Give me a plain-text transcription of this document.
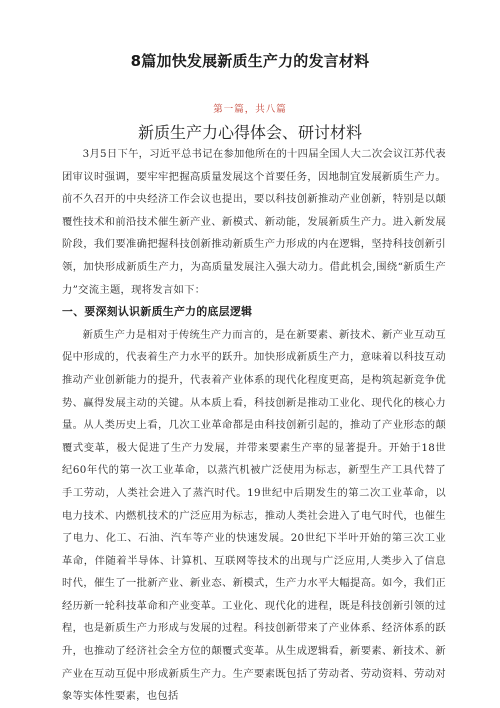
8篇加快发展新质生产力的发言材料
第一篇，共八篇
新质生产力心得体会、研讨材料

3月5日下午，习近平总书记在参加他所在的十四届全国人大二次会议江苏代表团审议时强调，要牢牢把握高质量发展这个首要任务，因地制宜发展新质生产力。前不久召开的中央经济工作会议也提出，要以科技创新推动产业创新，特别是以颠覆性技术和前沿技术催生新产业、新模式、新动能，发展新质生产力。进入新发展阶段，我们要准确把握科技创新推动新质生产力形成的内在逻辑，坚持科技创新引领，加快形成新质生产力，为高质量发展注入强大动力。借此机会,围绕“新质生产力”交流主题，现将发言如下：

一、要深刻认识新质生产力的底层逻辑

新质生产力是相对于传统生产力而言的，是在新要素、新技术、新产业互动互促中形成的，代表着生产力水平的跃升。加快形成新质生产力，意味着以科技互动推动产业创新能力的提升，代表着产业体系的现代化程度更高，是构筑起新竞争优势、赢得发展主动的关键。从本质上看，科技创新是推动工业化、现代化的核心力量。从人类历史上看，几次工业革命都是由科技创新引起的，推动了产业形态的颠覆式变革，极大促进了生产力发展，并带来要素生产率的显著提升。开始于18世纪60年代的第一次工业革命，以蒸汽机被广泛使用为标志，新型生产工具代替了手工劳动，人类社会进入了蒸汽时代。19世纪中后期发生的第二次工业革命，以电力技术、内燃机技术的广泛应用为标志，推动人类社会进入了电气时代，也催生了电力、化工、石油、汽车等产业的快速发展。20世纪下半叶开始的第三次工业革命，伴随着半导体、计算机、互联网等技术的出现与广泛应用,人类步入了信息时代，催生了一批新产业、新业态、新模式，生产力水平大幅提高。如今，我们正经历新一轮科技革命和产业变革。工业化、现代化的进程，既是科技创新引领的过程，也是新质生产力形成与发展的过程。科技创新带来了产业体系、经济体系的跃升，也推动了经济社会全方位的颠覆式变革。从生成逻辑看，新要素、新技术、新产业在互动互促中形成新质生产力。生产要素既包括了劳动者、劳动资料、劳动对象等实体性要素，也包括
